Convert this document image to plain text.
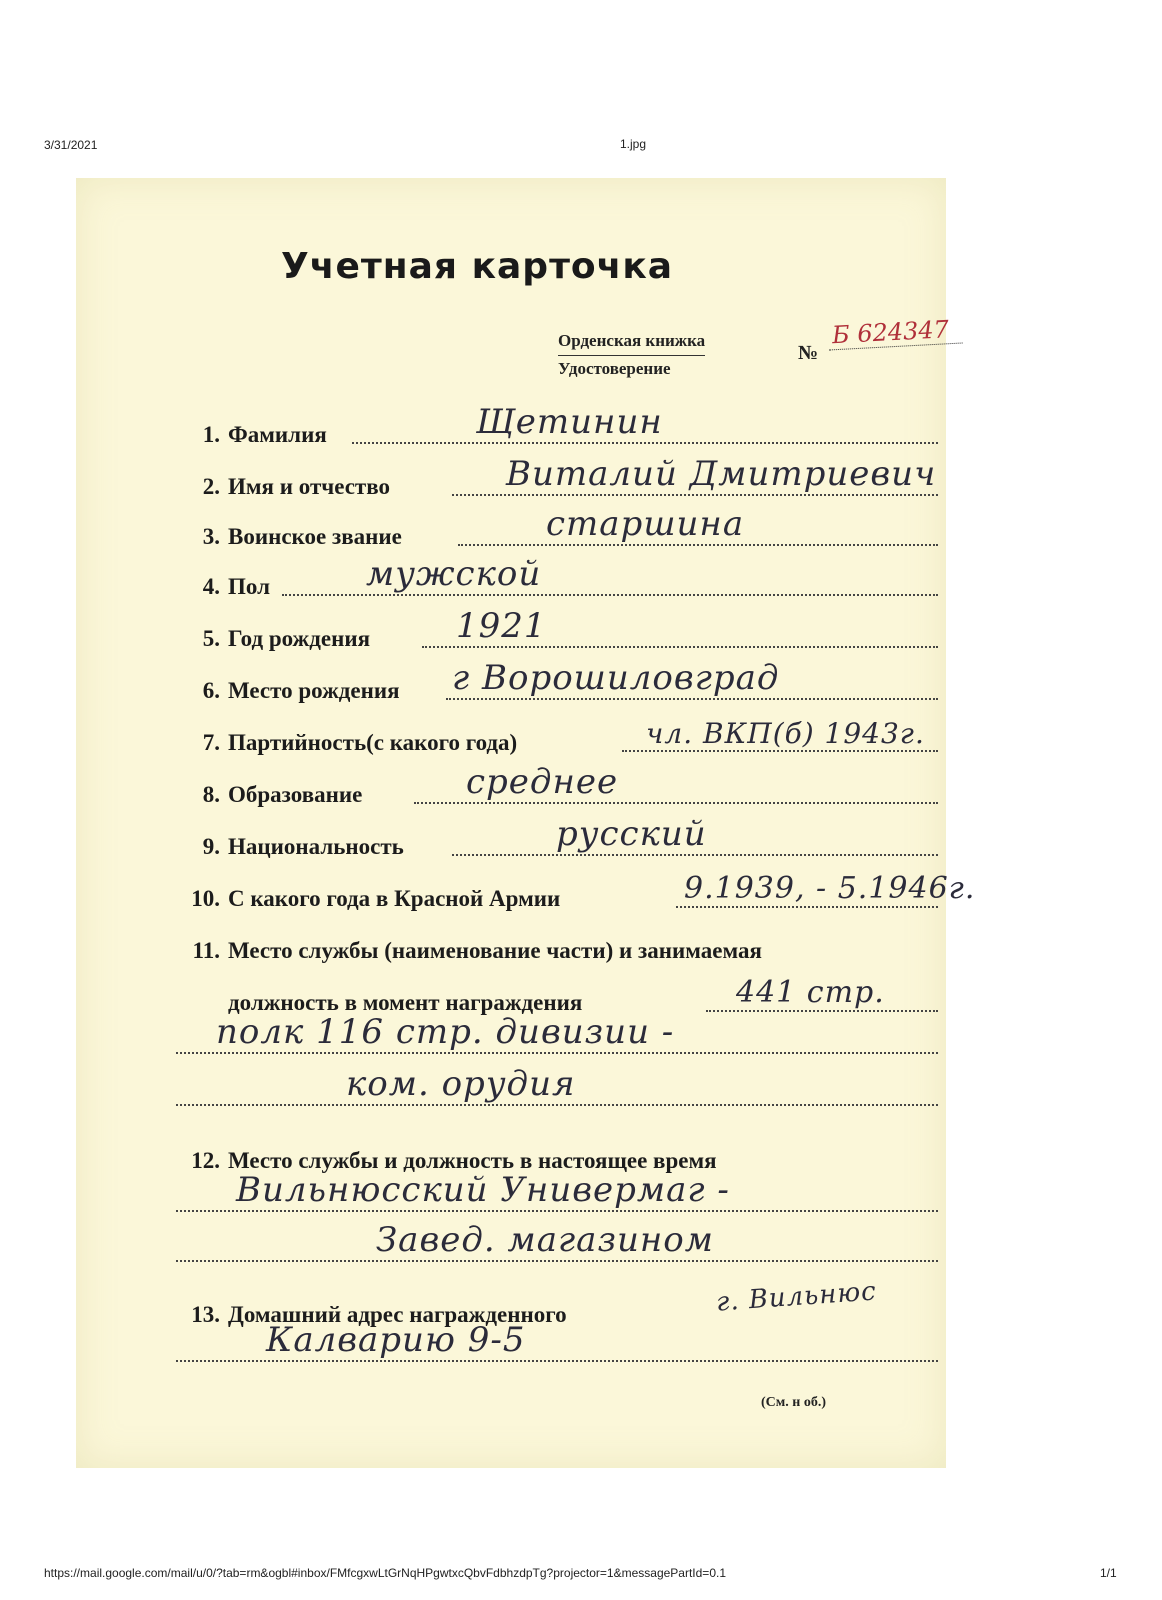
3/31/2021	1.jpg
Учетная карточка
Орденская книжка
Удостоверение
№
Б 624347
1. Фамилия	Щетинин
2. Имя и отчество	Виталий Дмитриевич
3. Воинское звание	старшина
4. Пол	мужской
5. Год рождения	1921
6. Место рождения г Ворошиловград
7. Партийность(с какого года)	чл. ВКП(б) 1943г.
8. Образование	среднее
9. Национальность	русский
10. С какого года в Красной Армии	9.1939, - 5.1946г.
11. Место службы (наименование части) и занимаемая
должность в момент награждения	441 стр.
полк 116 стр. дивизии -
ком. орудия
12. Место службы и должность в настоящее время
Вильнюсский Универмаг -
Завед. магазином
13. Домашний адрес награжденного	г. Вильнюс
Калварию 9-5
(См. н об.)
https://mail.google.com/mail/u/0/?tab=rm&ogbl#inbox/FMfcgxwLtGrNqHPgwtxcQbvFdbhzdpTg?projector=1&messagePartId=0.1	1/1
